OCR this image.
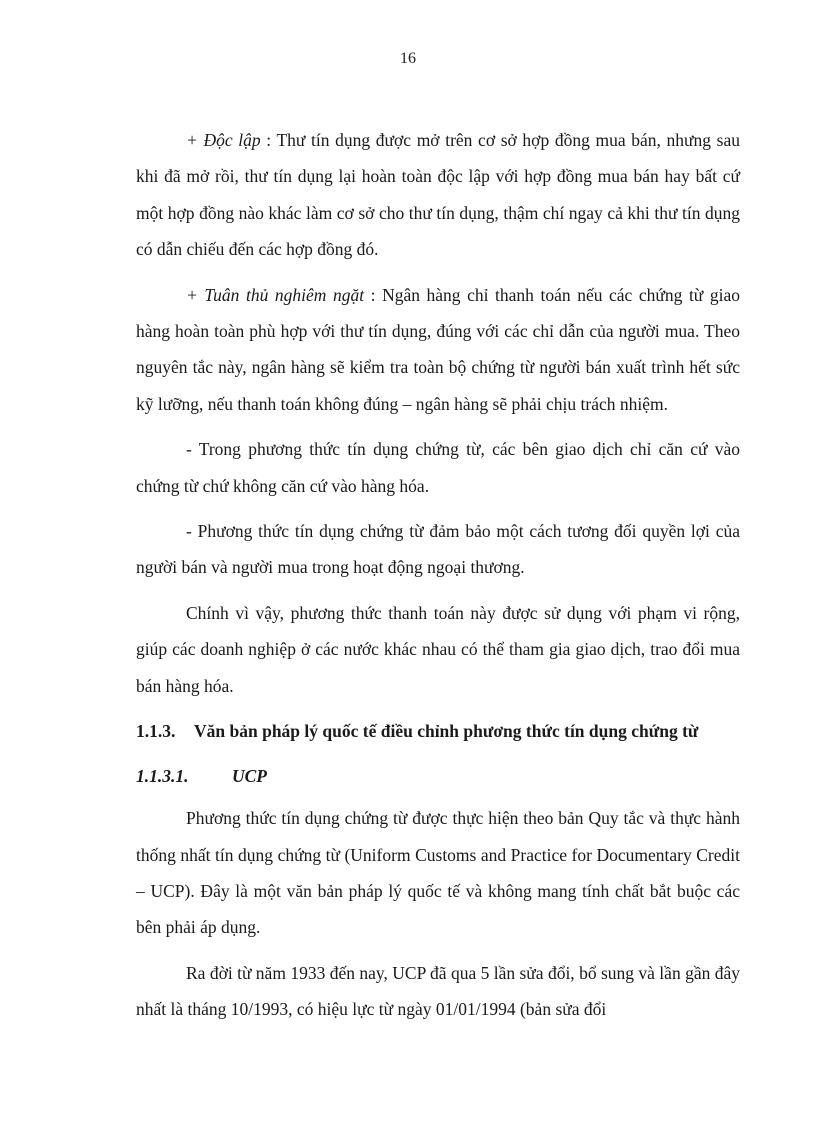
16

+ Độc lập : Thư tín dụng được mở trên cơ sở hợp đồng mua bán, nhưng sau khi đã mở rồi, thư tín dụng lại hoàn toàn độc lập với hợp đồng mua bán hay bất cứ một hợp đồng nào khác làm cơ sở cho thư tín dụng, thậm chí ngay cả khi thư tín dụng có dẫn chiếu đến các hợp đồng đó.

+ Tuân thủ nghiêm ngặt : Ngân hàng chỉ thanh toán nếu các chứng từ giao hàng hoàn toàn phù hợp với thư tín dụng, đúng với các chỉ dẫn của người mua. Theo nguyên tắc này, ngân hàng sẽ kiểm tra toàn bộ chứng từ người bán xuất trình hết sức kỹ lưỡng, nếu thanh toán không đúng – ngân hàng sẽ phải chịu trách nhiệm.

- Trong phương thức tín dụng chứng từ, các bên giao dịch chỉ căn cứ vào chứng từ chứ không căn cứ vào hàng hóa.

- Phương thức tín dụng chứng từ đảm bảo một cách tương đối quyền lợi của người bán và người mua trong hoạt động ngoại thương.

Chính vì vậy, phương thức thanh toán này được sử dụng với phạm vi rộng, giúp các doanh nghiệp ở các nước khác nhau có thể tham gia giao dịch, trao đổi mua bán hàng hóa.

1.1.3. Văn bản pháp lý quốc tế điều chỉnh phương thức tín dụng chứng từ
1.1.3.1. UCP

Phương thức tín dụng chứng từ được thực hiện theo bản Quy tắc và thực hành thống nhất tín dụng chứng từ (Uniform Customs and Practice for Documentary Credit – UCP). Đây là một văn bản pháp lý quốc tế và không mang tính chất bắt buộc các bên phải áp dụng.

Ra đời từ năm 1933 đến nay, UCP đã qua 5 lần sửa đổi, bổ sung và lần gần đây nhất là tháng 10/1993, có hiệu lực từ ngày 01/01/1994 (bản sửa đổi
